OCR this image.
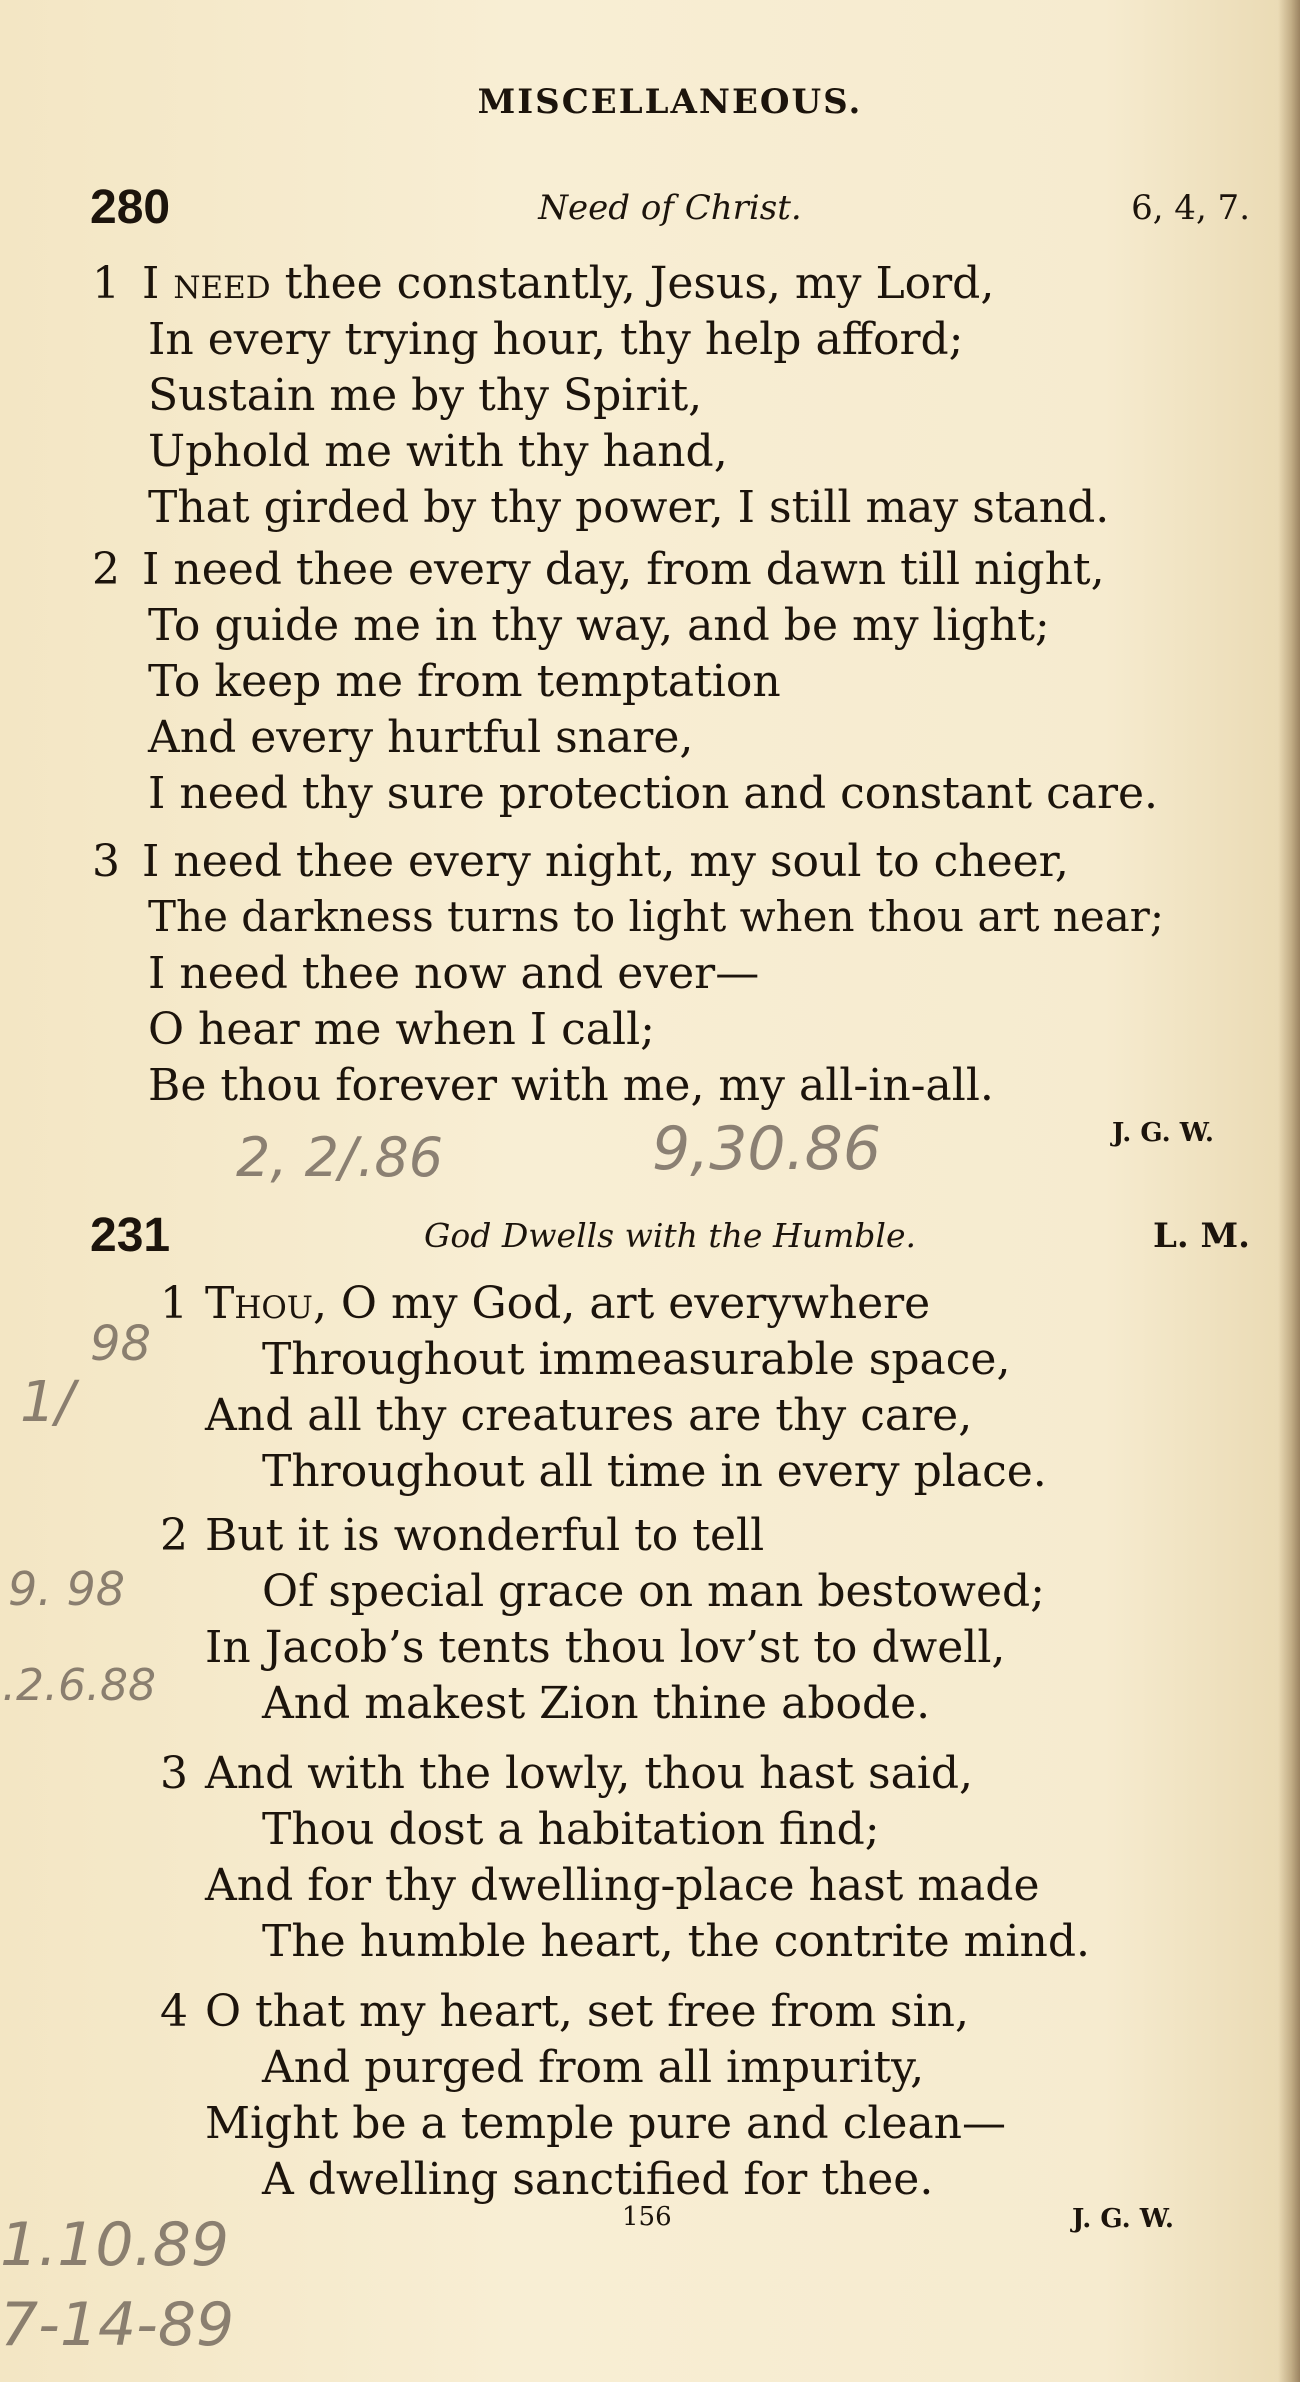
MISCELLANEOUS.
280	Need of Christ.	6, 4, 7.
1 I need thee constantly, Jesus, my Lord,
In every trying hour, thy help afford;
Sustain me by thy Spirit,
Uphold me with thy hand,
That girded by thy power, I still may stand.
2 I need thee every day, from dawn till night,
To guide me in thy way, and be my light;
To keep me from temptation
And every hurtful snare,
I need thy sure protection and constant care.
3 I need thee every night, my soul to cheer,
The darkness turns to light when thou art near;
I need thee now and ever—
O hear me when I call;
Be thou forever with me, my all-in-all.
J. G. W.
2, 2/.86	9,30.86
231	God Dwells with the Humble.	L. M.
1 Thou, O my God, art everywhere
Throughout immeasurable space,
And all thy creatures are thy care,
Throughout all time in every place.
2 But it is wonderful to tell
Of special grace on man bestowed;
In Jacob’s tents thou lov’st to dwell,
And makest Zion thine abode.
3 And with the lowly, thou hast said,
Thou dost a habitation find;
And for thy dwelling-place hast made
The humble heart, the contrite mind.
4 O that my heart, set free from sin,
And purged from all impurity,
Might be a temple pure and clean—
A dwelling sanctified for thee.
156	J. G. W.
98
1/
9. 98
.2.6.88
1.10.89
7-14-89
